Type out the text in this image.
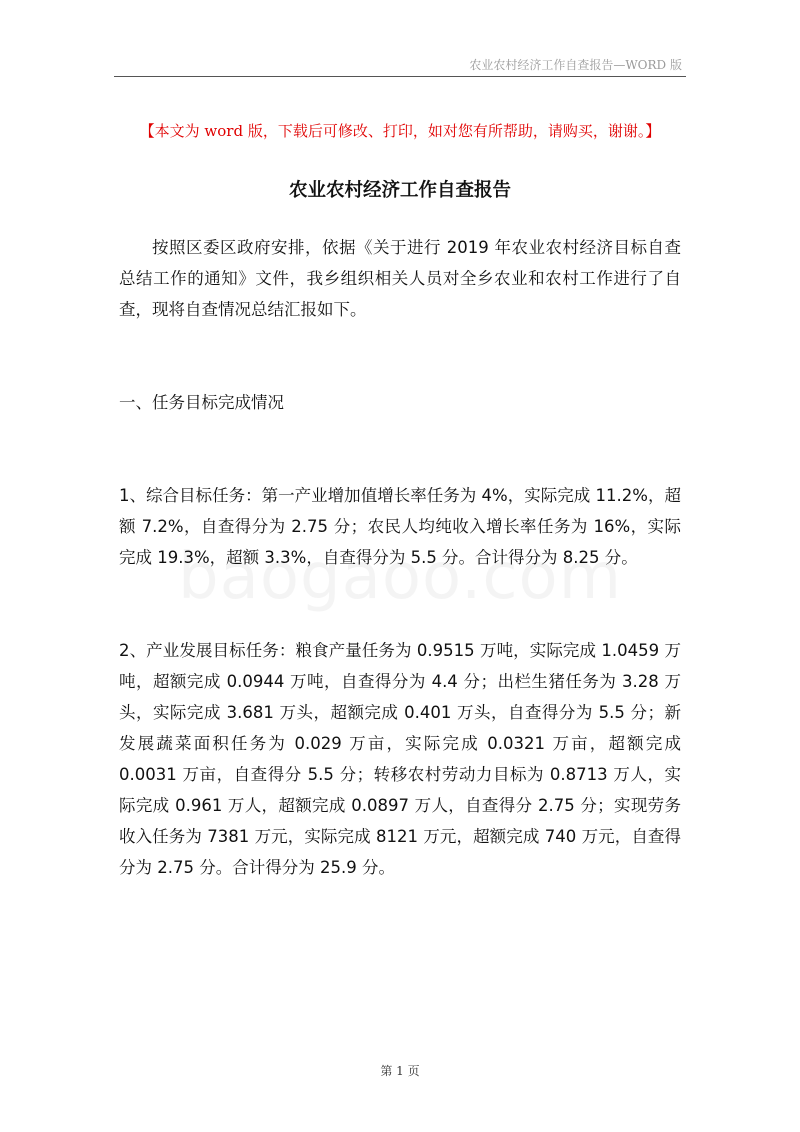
农业农村经济工作自查报告—WORD 版
【本文为 word 版，下载后可修改、打印，如对您有所帮助，请购买，谢谢。】
农业农村经济工作自查报告

按照区委区政府安排，依据《关于进行 2019 年农业农村经济目标自查总结工作的通知》文件，我乡组织相关人员对全乡农业和农村工作进行了自查，现将自查情况总结汇报如下。

一、任务目标完成情况

1、综合目标任务：第一产业增加值增长率任务为 4%，实际完成 11.2%，超额 7.2%，自查得分为 2.75 分；农民人均纯收入增长率任务为 16%，实际完成 19.3%，超额 3.3%，自查得分为 5.5 分。合计得分为 8.25 分。

2、产业发展目标任务：粮食产量任务为 0.9515 万吨，实际完成 1.0459 万吨，超额完成 0.0944 万吨，自查得分为 4.4 分；出栏生猪任务为 3.28 万头，实际完成 3.681 万头，超额完成 0.401 万头，自查得分为 5.5 分；新发展蔬菜面积任务为 0.029 万亩，实际完成 0.0321 万亩，超额完成 0.0031 万亩，自查得分 5.5 分；转移农村劳动力目标为 0.8713 万人，实际完成 0.961 万人，超额完成 0.0897 万人，自查得分 2.75 分；实现劳务收入任务为 7381 万元，实际完成 8121 万元，超额完成 740 万元，自查得分为 2.75 分。合计得分为 25.9 分。

第 1 页
